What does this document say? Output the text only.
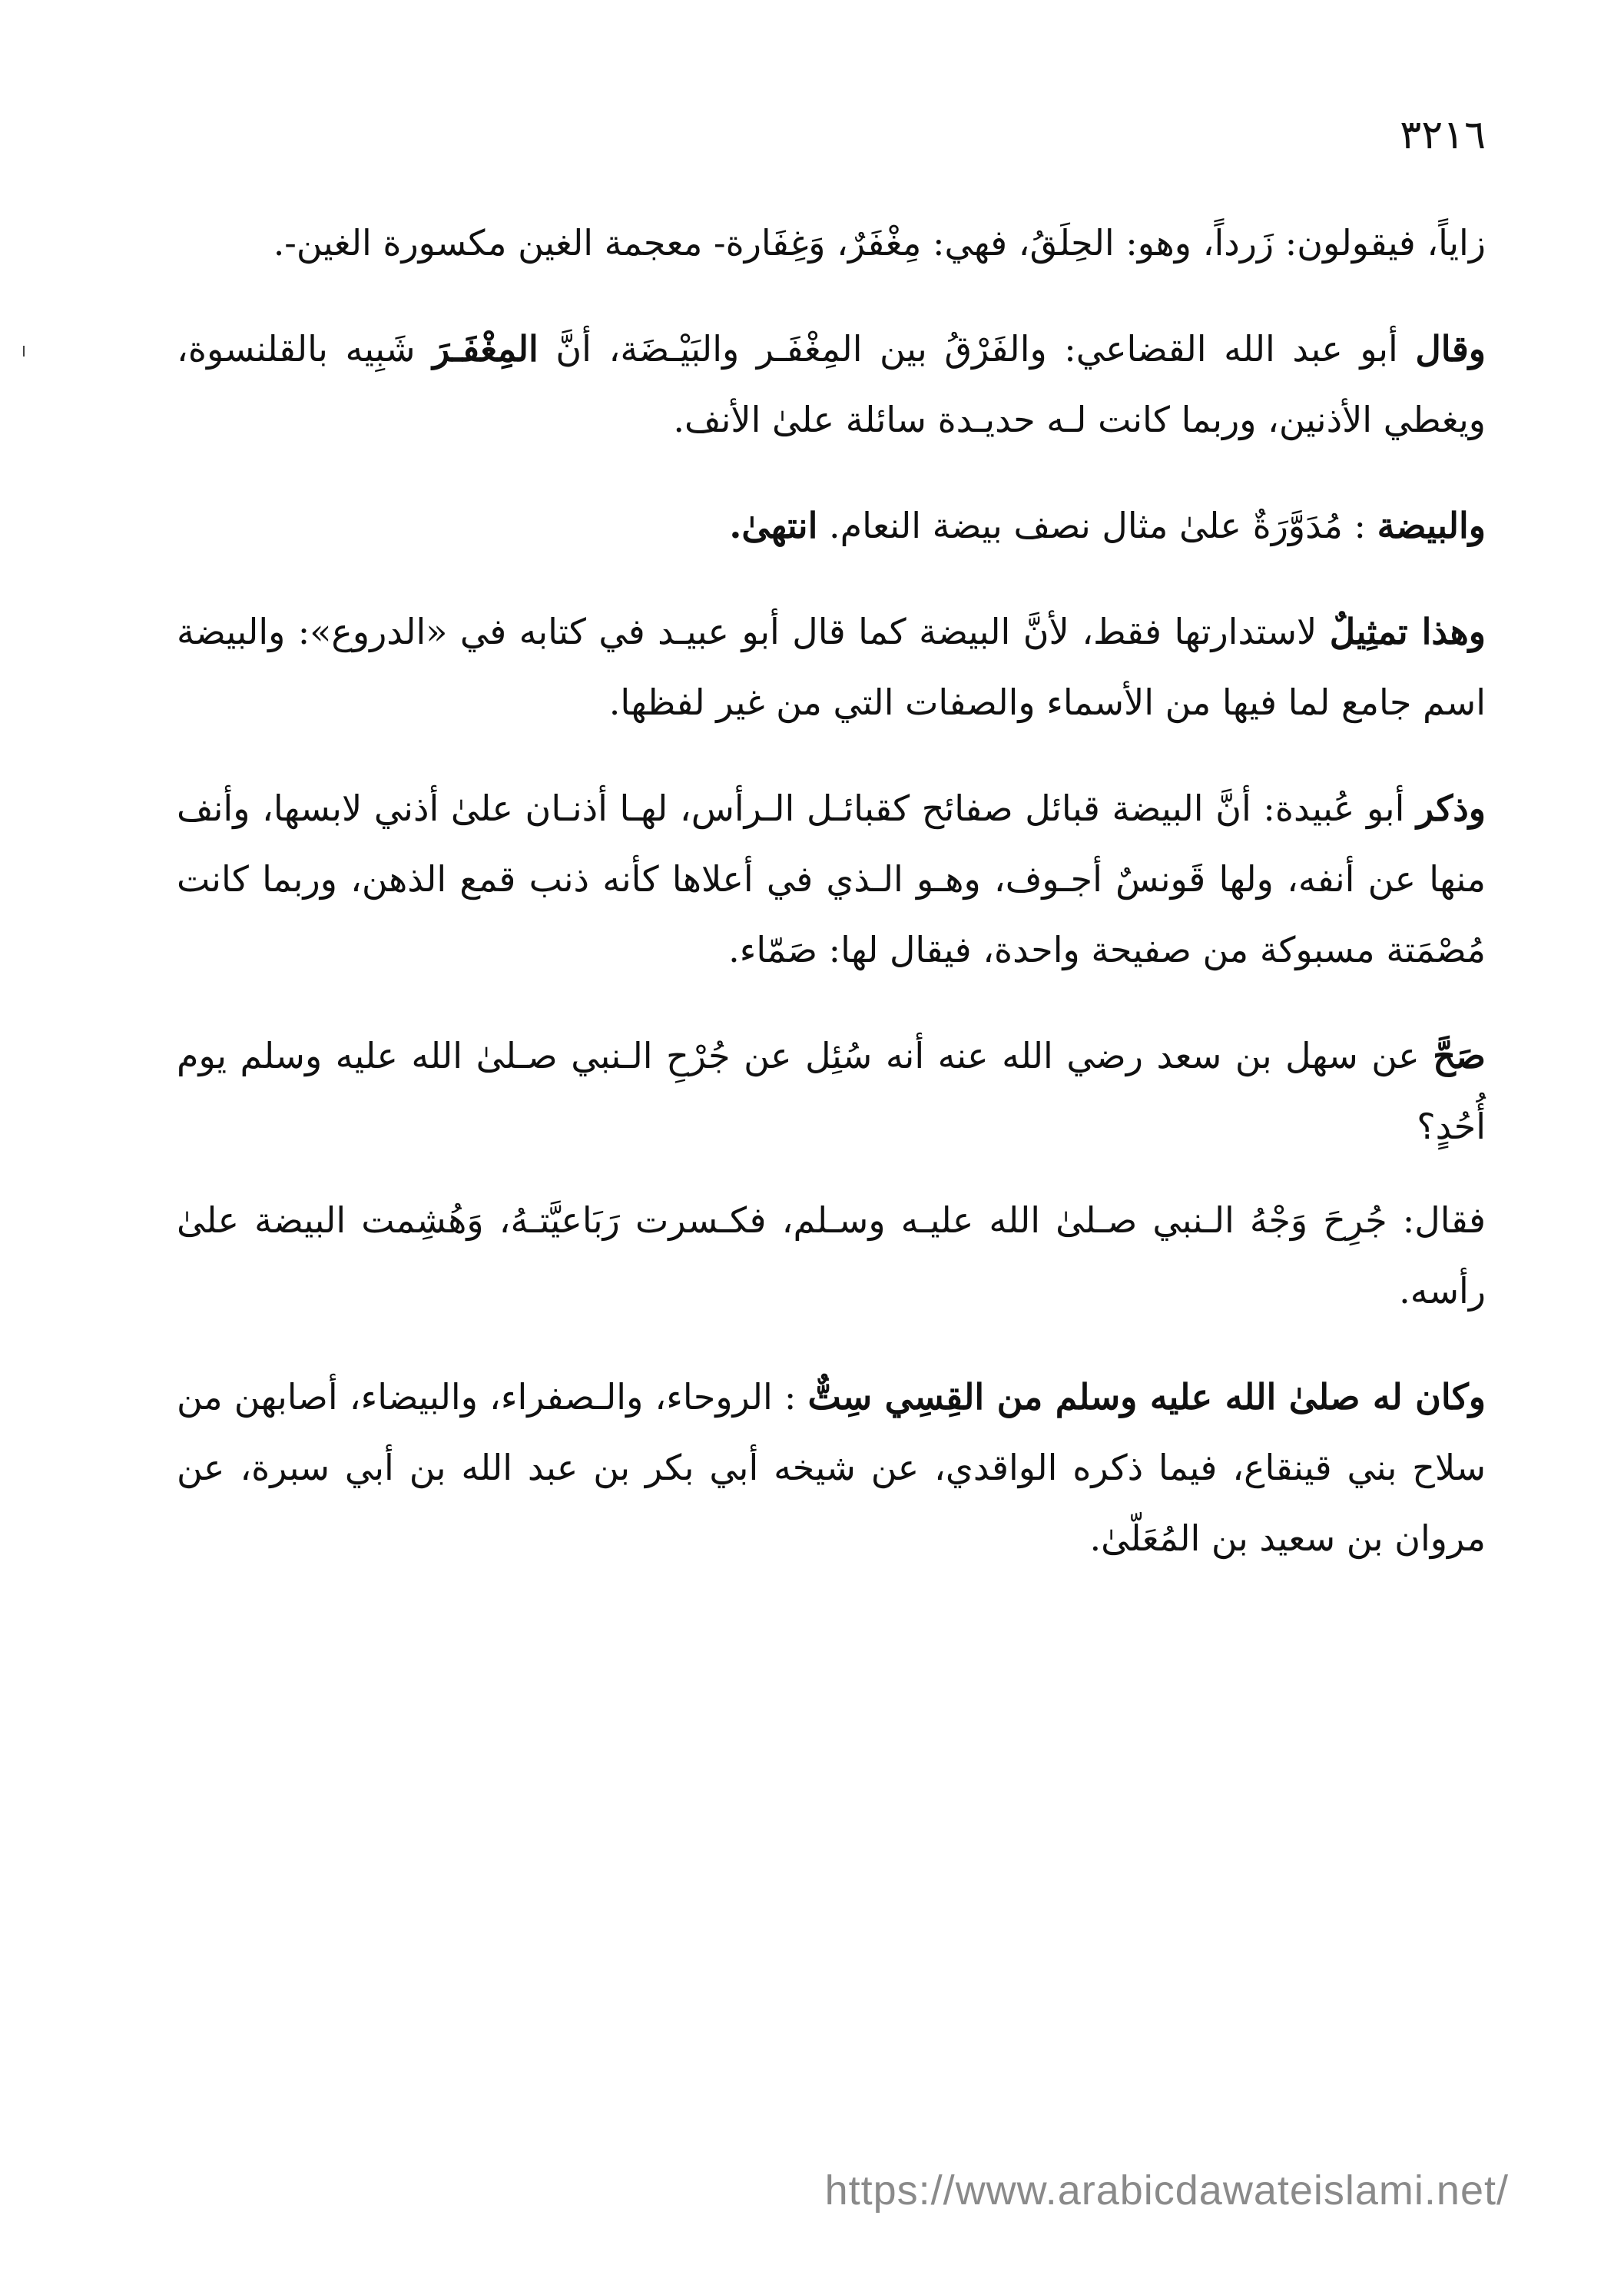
٣٢١٦

زاياً، فيقولون: زَرداً، وهو: الحِلَقُ، فهي: مِغْفَرٌ، وَغِفَارة- معجمة الغين مكسورة الغين-.

وقال أبو عبد الله القضاعي: والفَرْقُ بين المِغْفَـر والبَيْـضَة، أنَّ المِغْفَـرَ شَبِيه بالقلنسوة، ويغطي الأذنين، وربما كانت لـه حديـدة سائلة علىٰ الأنف.

والبيضة : مُدَوَّرَةٌ علىٰ مثال نصف بيضة النعام. انتهىٰ.

وهذا تمثِيلٌ لاستدارتها فقط، لأنَّ البيضة كما قال أبو عبيـد في كتابه في «الدروع»: والبيضة اسم جامع لما فيها من الأسماء والصفات التي من غير لفظها.

وذكر أبو عُبيدة: أنَّ البيضة قبائل صفائح كقبائـل الـرأس، لهـا أذنـان علىٰ أذني لابسها، وأنف منها عن أنفه، ولها قَونسٌ أجـوف، وهـو الـذي في أعلاها كأنه ذنب قمع الذهن، وربما كانت مُصْمَتة مسبوكة من صفيحة واحدة، فيقال لها: صَمّاء.

صَحَّ عن سهل بن سعد رضي الله عنه أنه سُئِل عن جُرْحِ الـنبي صـلىٰ الله عليه وسلم يوم أُحُدٍ؟

فقال: جُرِحَ وَجْهُ الـنبي صـلىٰ الله عليـه وسـلم، فكـسرت رَبَاعيَّتـهُ، وَهُشِمت البيضة علىٰ رأسه.

وكان له صلىٰ الله عليه وسلم من القِسِي سِتٌّ : الروحاء، والـصفراء، والبيضاء، أصابهن من سلاح بني قينقاع، فيما ذكره الواقدي، عن شيخه أبي بكر بن عبد الله بن أبي سبرة، عن مروان بن سعيد بن المُعَلّىٰ.

https://www.arabicdawateislami.net/
